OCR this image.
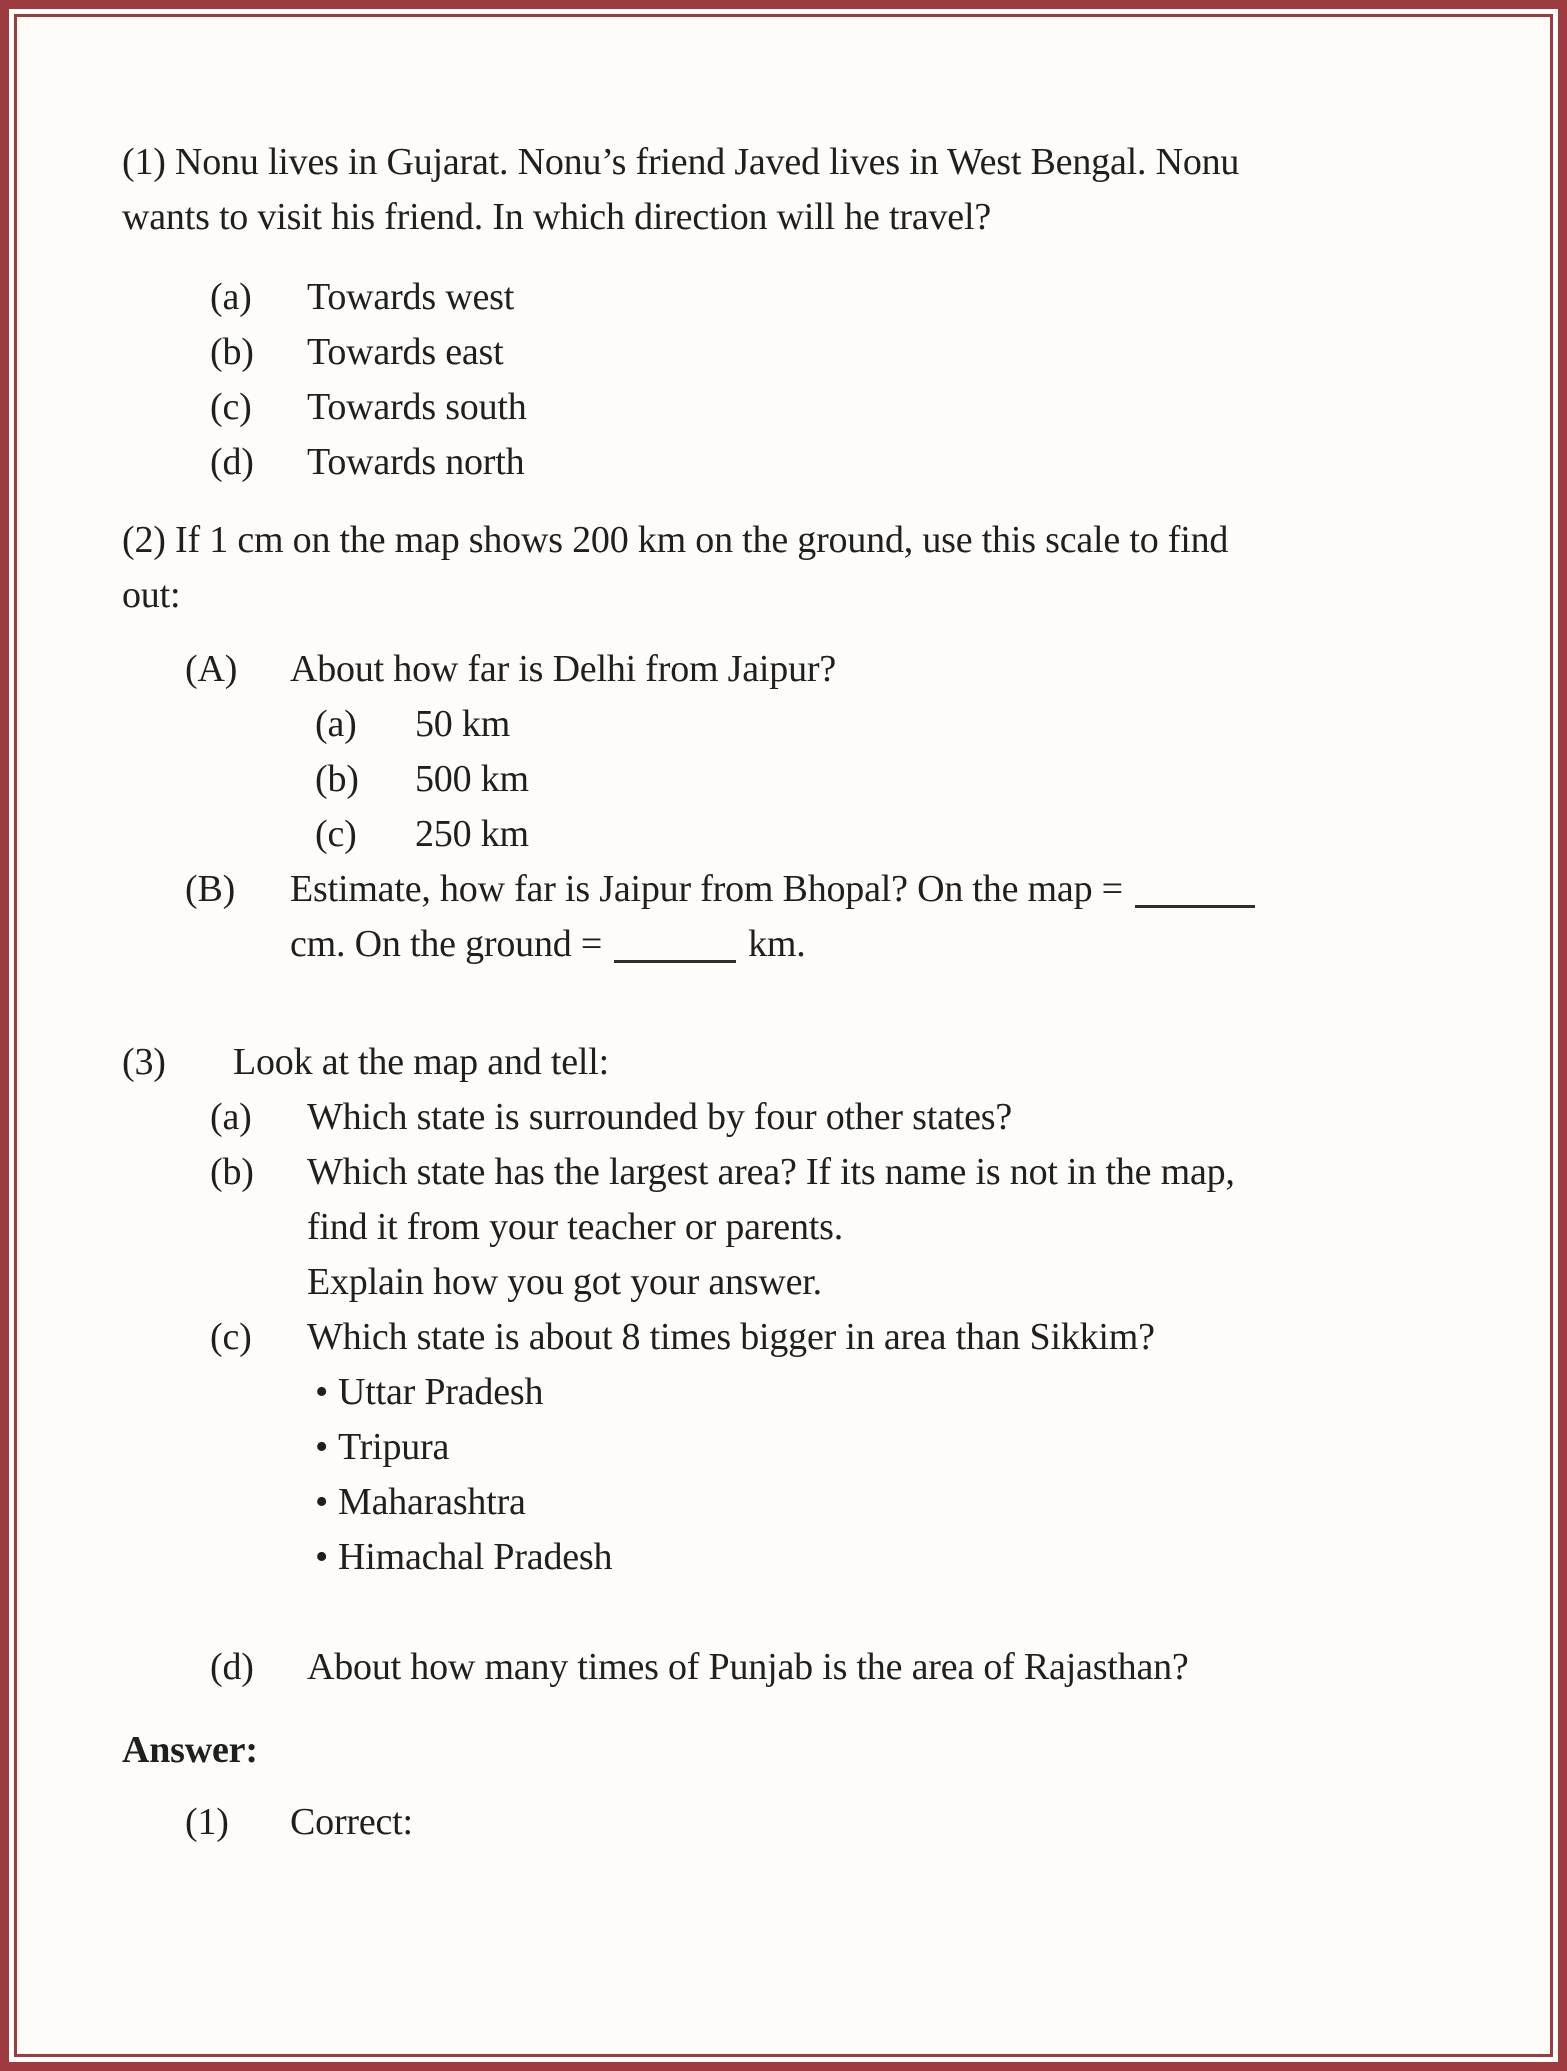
(1) Nonu lives in Gujarat. Nonu’s friend Javed lives in West Bengal. Nonu
wants to visit his friend. In which direction will he travel?
(a)	Towards west
(b)	Towards east
(c)	Towards south
(d)	Towards north
(2) If 1 cm on the map shows 200 km on the ground, use this scale to find
out:
(A)	About how far is Delhi from Jaipur?
(a)	50 km
(b)	500 km
(c)	250 km
(B)	Estimate, how far is Jaipur from Bhopal? On the map =
cm. On the ground =	km.
(3)	Look at the map and tell:
(a)	Which state is surrounded by four other states?
(b)	Which state has the largest area? If its name is not in the map,
find it from your teacher or parents.
Explain how you got your answer.
(c)	Which state is about 8 times bigger in area than Sikkim?
•
Uttar Pradesh
•
Tripura
•
Maharashtra
•
Himachal Pradesh
(d)	About how many times of Punjab is the area of Rajasthan?
Answer:
(1)	Correct:
